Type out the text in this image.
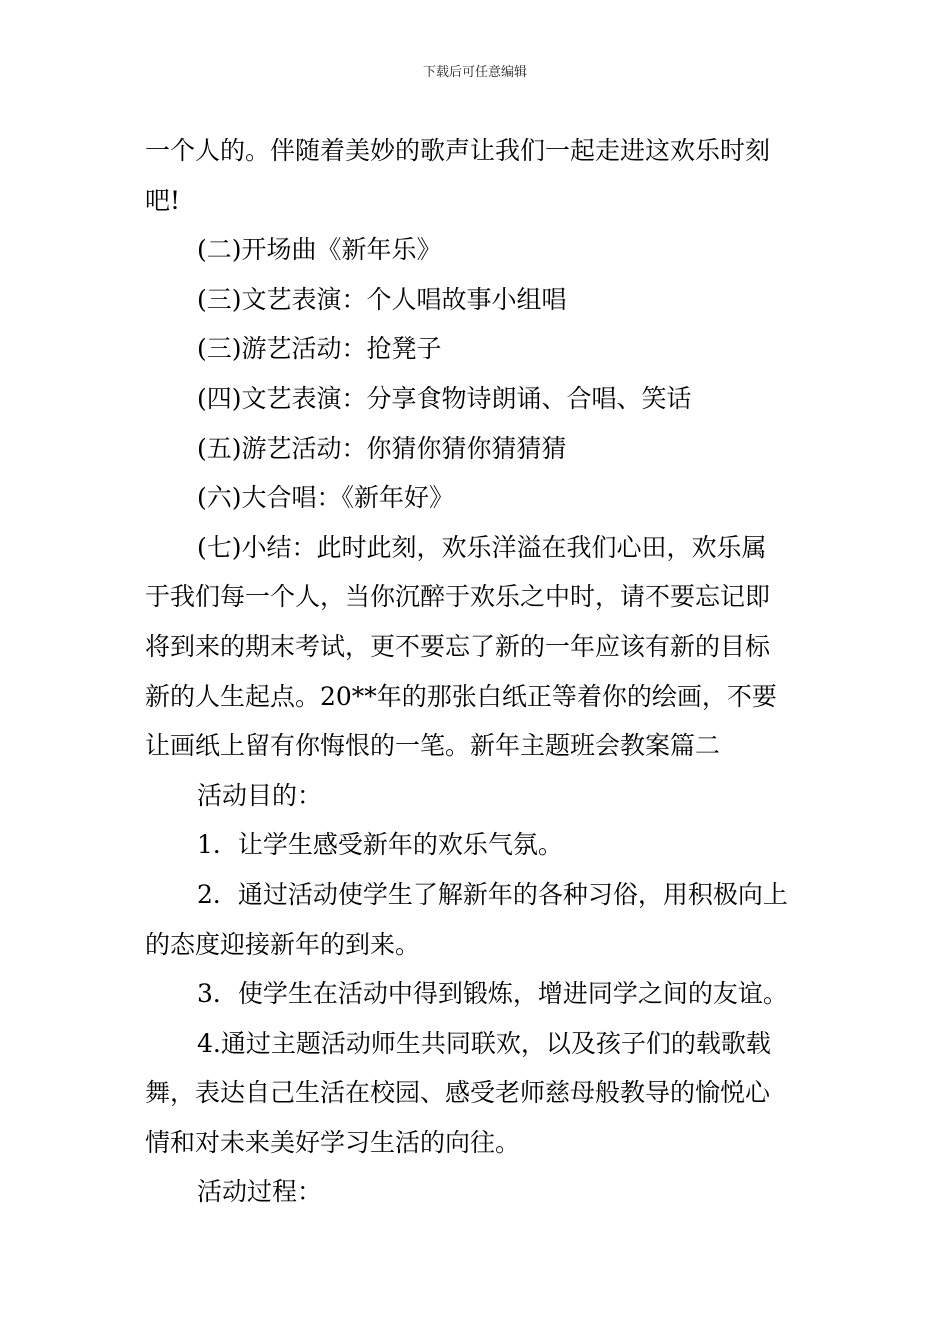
下载后可任意编辑

一个人的。伴随着美妙的歌声让我们一起走进这欢乐时刻

吧!

(二)开场曲《新年乐》

(三)文艺表演：个人唱故事小组唱

(三)游艺活动：抢凳子

(四)文艺表演：分享食物诗朗诵、合唱、笑话

(五)游艺活动：你猜你猜你猜猜猜

(六)大合唱：《新年好》

(七)小结：此时此刻，欢乐洋溢在我们心田，欢乐属

于我们每一个人，当你沉醉于欢乐之中时，请不要忘记即

将到来的期末考试，更不要忘了新的一年应该有新的目标

新的人生起点。20**年的那张白纸正等着你的绘画，不要

让画纸上留有你悔恨的一笔。新年主题班会教案篇二

活动目的：

1．让学生感受新年的欢乐气氛。

2．通过活动使学生了解新年的各种习俗，用积极向上

的态度迎接新年的到来。

3．使学生在活动中得到锻炼，增进同学之间的友谊。

4.通过主题活动师生共同联欢，以及孩子们的载歌载

舞，表达自己生活在校园、感受老师慈母般教导的愉悦心

情和对未来美好学习生活的向往。

活动过程：
